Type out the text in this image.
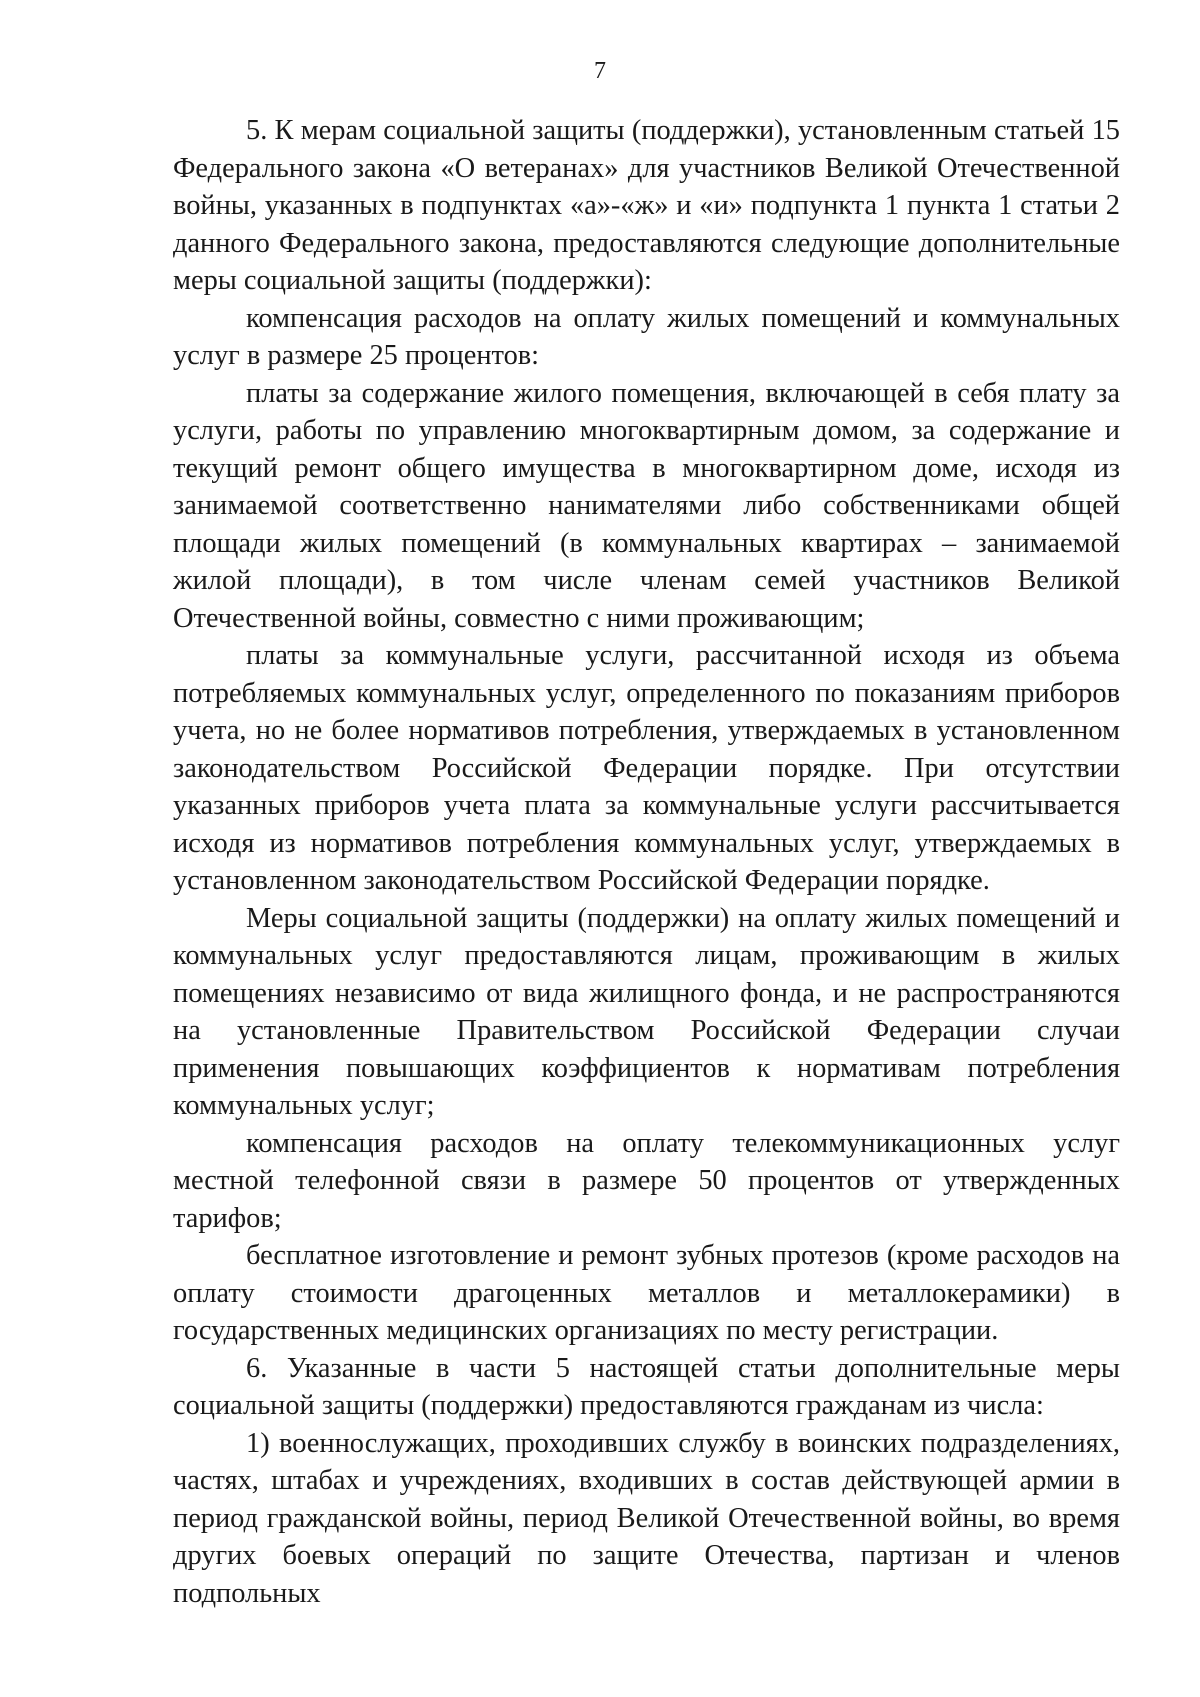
7

5. К мерам социальной защиты (поддержки), установленным статьей 15 Федерального закона «О ветеранах» для участников Великой Отечественной войны, указанных в подпунктах «а»-«ж» и «и» подпункта 1 пункта 1 статьи 2 данного Федерального закона, предоставляются следующие дополнительные меры социальной защиты (поддержки):

компенсация расходов на оплату жилых помещений и коммунальных услуг в размере 25 процентов:

платы за содержание жилого помещения, включающей в себя плату за услуги, работы по управлению многоквартирным домом, за содержание и текущий ремонт общего имущества в многоквартирном доме, исходя из занимаемой соответственно нанимателями либо собственниками общей площади жилых помещений (в коммунальных квартирах – занимаемой жилой площади), в том числе членам семей участников Великой Отечественной войны, совместно с ними проживающим;

платы за коммунальные услуги, рассчитанной исходя из объема потребляемых коммунальных услуг, определенного по показаниям приборов учета, но не более нормативов потребления, утверждаемых в установленном законодательством Российской Федерации порядке. При отсутствии указанных приборов учета плата за коммунальные услуги рассчитывается исходя из нормативов потребления коммунальных услуг, утверждаемых в установленном законодательством Российской Федерации порядке.

Меры социальной защиты (поддержки) на оплату жилых помещений и коммунальных услуг предоставляются лицам, проживающим в жилых помещениях независимо от вида жилищного фонда, и не распространяются на установленные Правительством Российской Федерации случаи применения повышающих коэффициентов к нормативам потребления коммунальных услуг;

компенсация расходов на оплату телекоммуникационных услуг местной телефонной связи в размере 50 процентов от утвержденных тарифов;

бесплатное изготовление и ремонт зубных протезов (кроме расходов на оплату стоимости драгоценных металлов и металлокерамики) в государственных медицинских организациях по месту регистрации.

6. Указанные в части 5 настоящей статьи дополнительные меры социальной защиты (поддержки) предоставляются гражданам из числа:

1) военнослужащих, проходивших службу в воинских подразделениях, частях, штабах и учреждениях, входивших в состав действующей армии в период гражданской войны, период Великой Отечественной войны, во время других боевых операций по защите Отечества, партизан и членов подпольных
